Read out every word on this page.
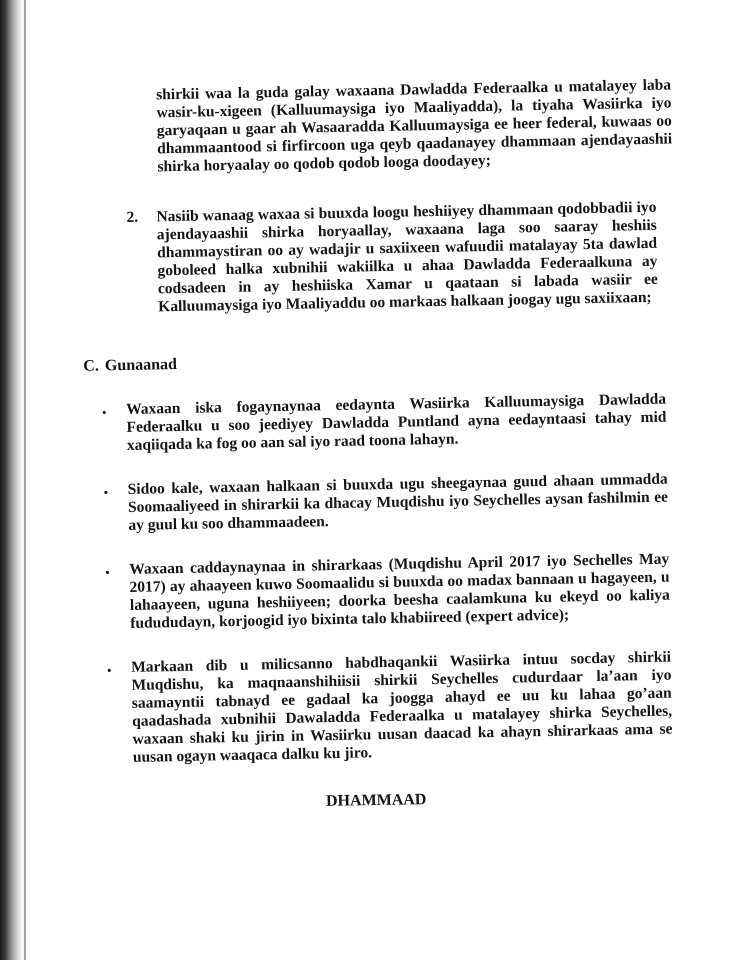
shirkii waa la guda galay waxaana Dawladda Federaalka u matalayey laba wasir-ku-xigeen (Kalluumaysiga iyo Maaliyadda), la tiyaha Wasiirka iyo garyaqaan u gaar ah Wasaaradda Kalluumaysiga ee heer federal, kuwaas oo dhammaantood si firfircoon uga qeyb qaadanayey dhammaan ajendayaashii shirka horyaalay oo qodob qodob looga doodayey;

2.	Nasiib wanaag waxaa si buuxda loogu heshiiyey dhammaan qodobbadii iyo ajendayaashii shirka horyaallay, waxaana laga soo saaray heshiis dhammaystiran oo ay wadajir u saxiixeen wafuudii matalayay 5ta dawlad goboleed halka xubnihii wakiilka u ahaa Dawladda Federaalkuna ay codsadeen in ay heshiiska Xamar u qaataan si labada wasiir ee Kalluumaysiga iyo Maaliyaddu oo markaas halkaan joogay ugu saxiixaan;
C. Gunaanad
•	Waxaan iska fogaynaynaa eedaynta Wasiirka Kalluumaysiga Dawladda Federaalku u soo jeediyey Dawladda Puntland ayna eedayntaasi tahay mid xaqiiqada ka fog oo aan sal iyo raad toona lahayn.
•	Sidoo kale, waxaan halkaan si buuxda ugu sheegaynaa guud ahaan ummadda Soomaaliyeed in shirarkii ka dhacay Muqdishu iyo Seychelles aysan fashilmin ee ay guul ku soo dhammaadeen.
•	Waxaan caddaynaynaa in shirarkaas (Muqdishu April 2017 iyo Sechelles May 2017) ay ahaayeen kuwo Soomaalidu si buuxda oo madax bannaan u hagayeen, u lahaayeen, uguna heshiiyeen; doorka beesha caalamkuna ku ekeyd oo kaliya fudududayn, korjoogid iyo bixinta talo khabiireed (expert advice);
•	Markaan dib u milicsanno habdhaqankii Wasiirka intuu socday shirkii Muqdishu, ka maqnaanshihiisii shirkii Seychelles cudurdaar la’aan iyo saamayntii tabnayd ee gadaal ka joogga ahayd ee uu ku lahaa go’aan qaadashada xubnihii Dawaladda Federaalka u matalayey shirka Seychelles, waxaan shaki ku jirin in Wasiirku uusan daacad ka ahayn shirarkaas ama se uusan ogayn waaqaca dalku ku jiro.
DHAMMAAD
